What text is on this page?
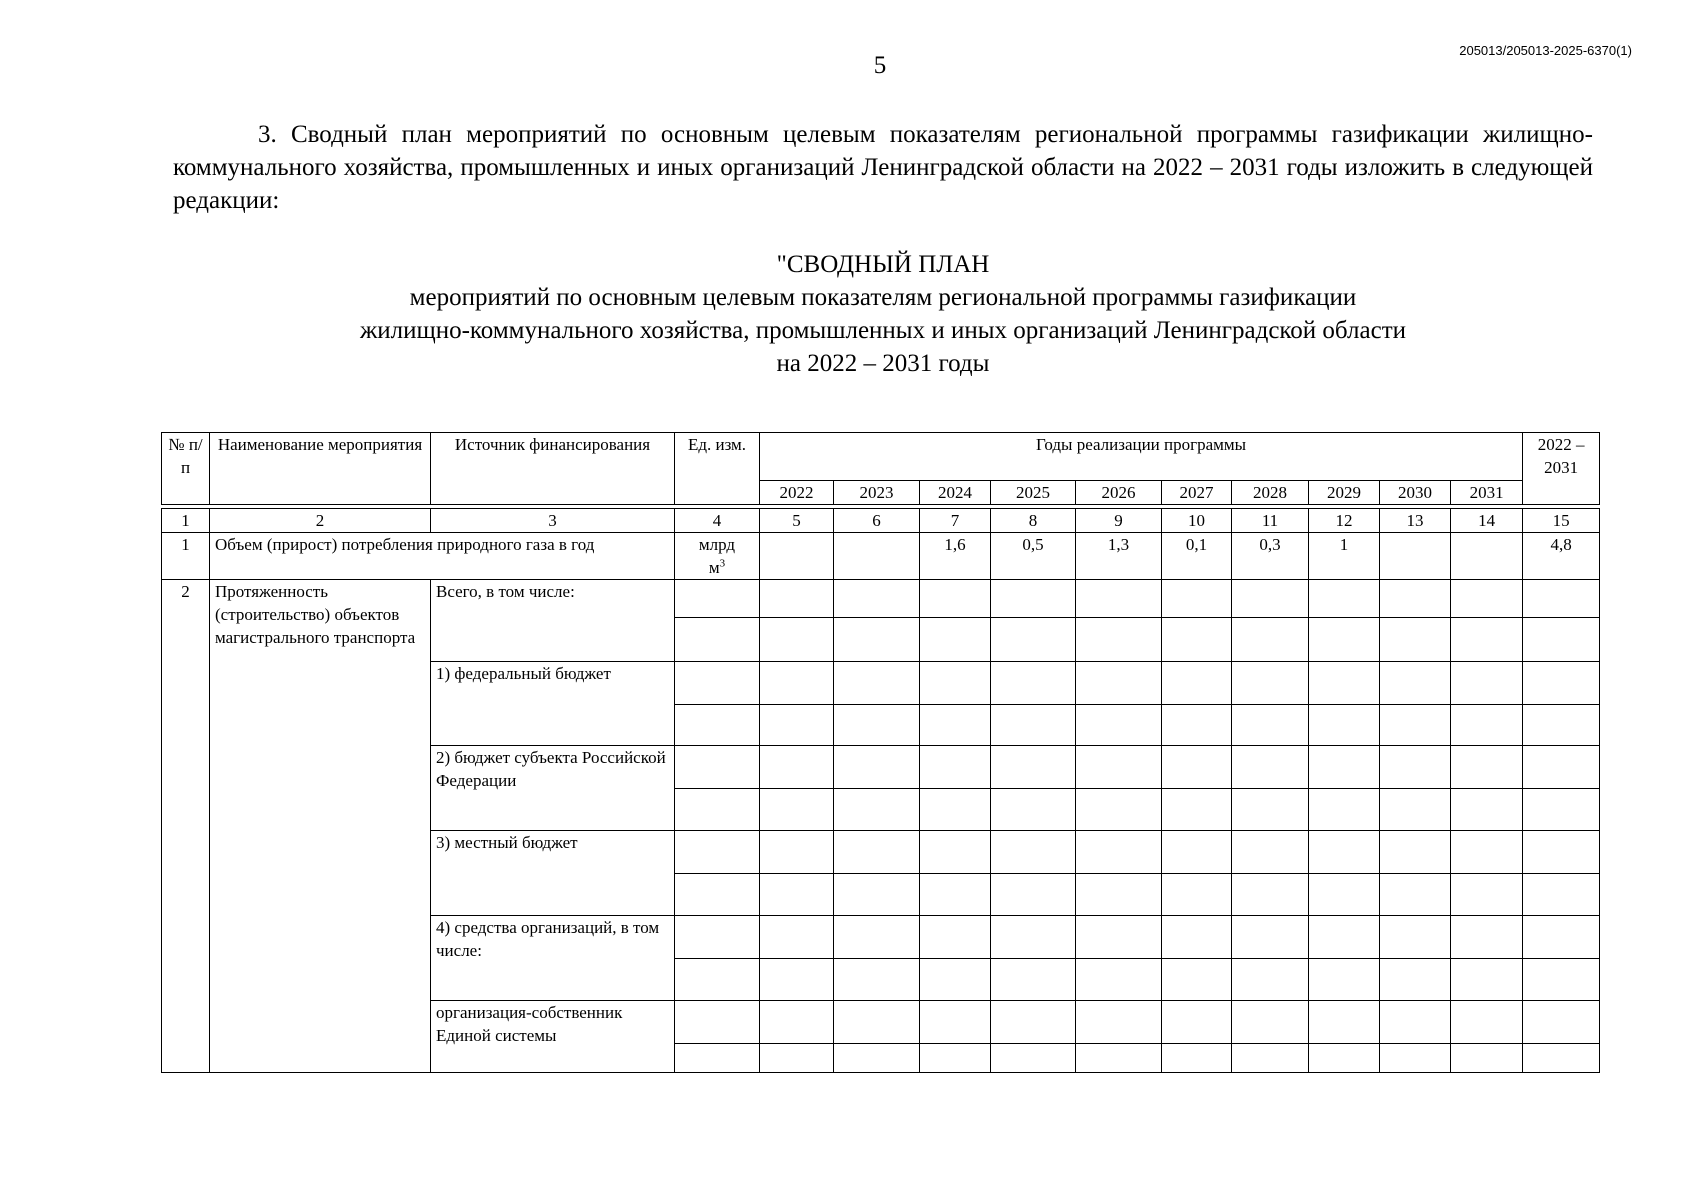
205013/205013-2025-6370(1)
5
3. Сводный план мероприятий по основным целевым показателям региональной программы газификации жилищно-коммунального хозяйства, промышленных и иных организаций Ленинградской области на 2022 – 2031 годы изложить в следующей редакции:
"СВОДНЫЙ ПЛАН
мероприятий по основным целевым показателям региональной программы газификации
жилищно-коммунального хозяйства, промышленных и иных организаций Ленинградской области
на 2022 – 2031 годы
№ п/п	Наименование мероприятия	Источник финансирования	Ед. изм.	Годы реализации программы										2022 – 2031
				2022	2023	2024	2025	2026	2027	2028	2029	2030	2031	

1	2	3	4	5	6	7	8	9	10	11	12	13	14	15
1	Объем (прирост) потребления природного газа в год		млрд
$м^3$			1,6	0,5	1,3	0,1	0,3	1			4,8
2	Протяженность (строительство) объектов магистрального транспорта	Всего, в том числе:												

		1) федеральный бюджет												

		2) бюджет субъекта Российской Федерации												

		3) местный бюджет												

		4) средства организаций, в том числе:												

		организация-собственник Единой системы												
